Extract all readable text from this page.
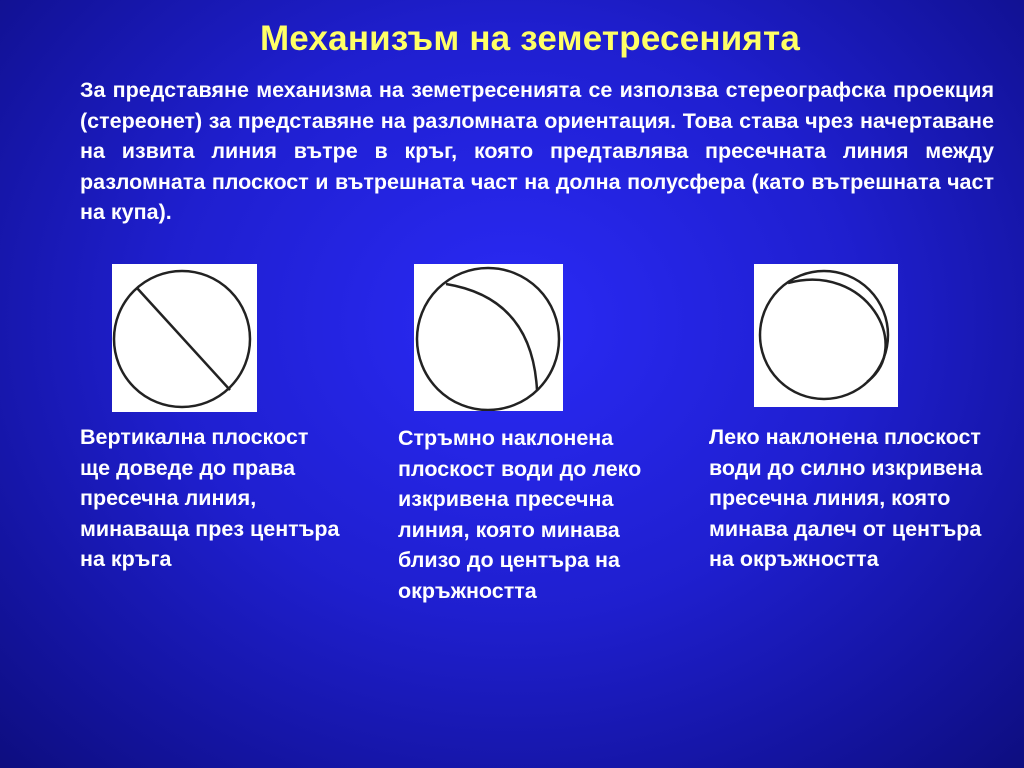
Механизъм на земетресенията

За представяне механизма на земетресенията се използва стереографска проекция (стереонет) за представяне на разломната ориентация. Това става чрез начертаване на извита линия вътре в кръг, която предтавлява пресечната линия между разломната плоскост и вътрешната част на долна полусфера (като вътрешната част на купа).

Вертикална плоскост ще доведе до права пресечна линия, минаваща през центъра на кръга

Стръмно наклонена плоскост води до леко изкривена пресечна линия, която минава близо до центъра на окръжността

Леко наклонена плоскост води до силно изкривена пресечна линия, която минава далеч от центъра на окръжността
